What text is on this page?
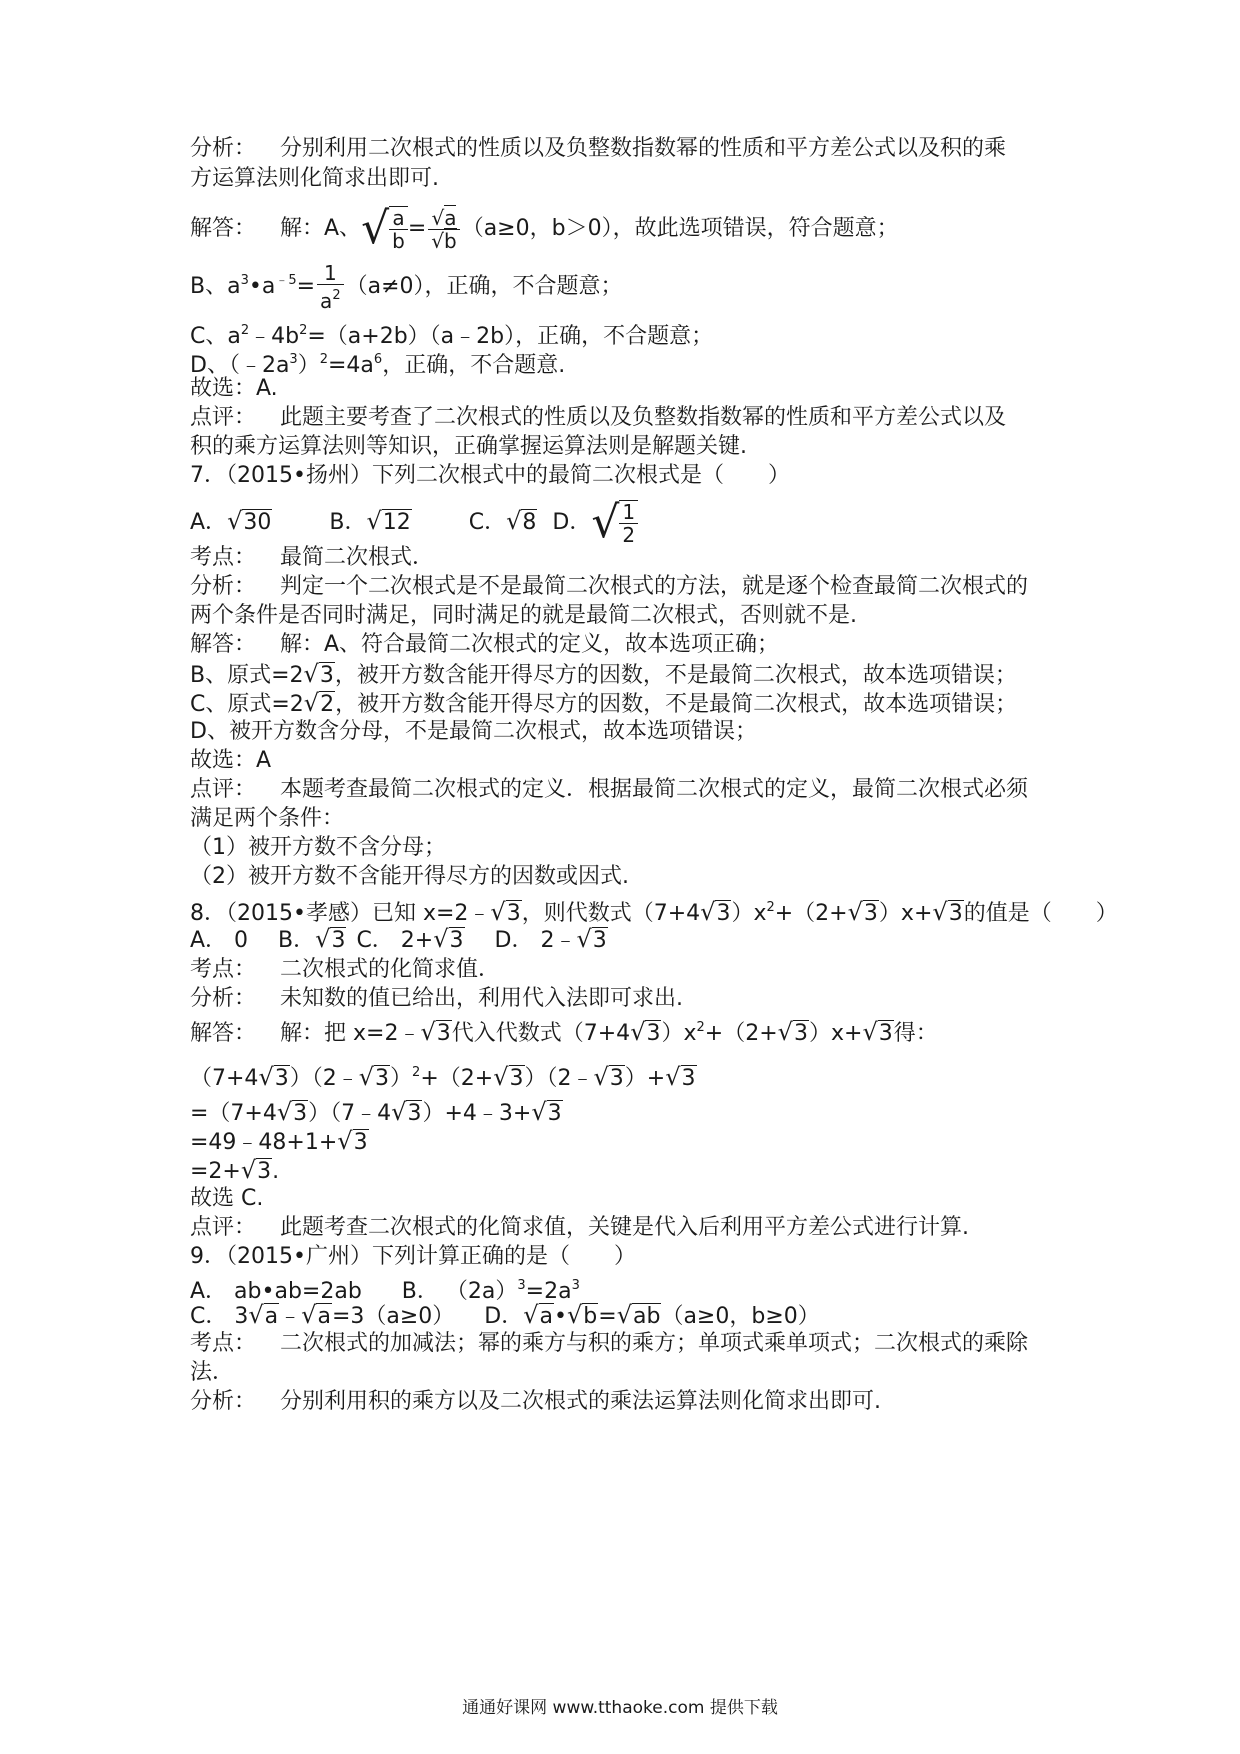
分析： 分别利用二次根式的性质以及负整数指数幂的性质和平方差公式以及积的乘
方运算法则化简求出即可.
解答： 解：A、√ $\frac{a}{b} = \frac{√a}{√b} (a\ge 0$，b＞0），故此选项错误，符合题意；
B、$a^3•a^{﹣5}= \frac{1}{a^2} (a\ne 0)$，正确，不合题意；
C、$a^2﹣4b^2=(a+2b)(a﹣2b)$，正确，不合题意；
D、$(﹣2a^3)^2=4a^6$，正确，不合题意.
故选：A.
点评： 此题主要考查了二次根式的性质以及负整数指数幂的性质和平方差公式以及
积的乘方运算法则等知识，正确掌握运算法则是解题关键.
7．（2015•扬州）下列二次根式中的最简二次根式是（　　）
A．√30	B．√12	C．√8 D．√ $\frac{1}{2}$
考点： 最简二次根式．
分析： 判定一个二次根式是不是最简二次根式的方法，就是逐个检查最简二次根式的
两个条件是否同时满足，同时满足的就是最简二次根式，否则就不是.
解答： 解：A、符合最简二次根式的定义，故本选项正确；
B、原式=2√3，被开方数含能开得尽方的因数，不是最简二次根式，故本选项错误；
C、原式=2√2，被开方数含能开得尽方的因数，不是最简二次根式，故本选项错误；
D、被开方数含分母，不是最简二次根式，故本选项错误；
故选：A
点评： 本题考查最简二次根式的定义．根据最简二次根式的定义，最简二次根式必须
满足两个条件：
（1）被开方数不含分母；
（2）被开方数不含能开得尽方的因数或因式.
8．（2015•孝感）已知 x=2﹣√3，则代数式$(7+4√3)x^2+(2+√3)x+√3$的值是（　　）
A． 0 B．√3 C． 2+√3 D． 2﹣√3
考点： 二次根式的化简求值．
分析： 未知数的值已给出，利用代入法即可求出.
解答： 解：把 x=2﹣√3代入代数式$(7+4√3)x^2+(2+√3)x+√3$得：
（7+4√3）（2﹣√3）$^2$+（2+√3）（2﹣√3）+√3
=（7+4√3）（7﹣4√3）+4﹣3+√3
=49﹣48+1+√3
=2+√3.
故选 C.
点评： 此题考查二次根式的化简求值，关键是代入后利用平方差公式进行计算.
9．（2015•广州）下列计算正确的是（　　）
A． ab•ab=2ab B． $(2a)^3=2a^3$
C． 3√a﹣√a=3（a≥0） D．√a•√b=√ab（a≥0，b≥0）
考点： 二次根式的加减法；幂的乘方与积的乘方；单项式乘单项式；二次根式的乘除
法．
分析： 分别利用积的乘方以及二次根式的乘法运算法则化简求出即可.
通通好课网 www.tthaoke.com 提供下载
